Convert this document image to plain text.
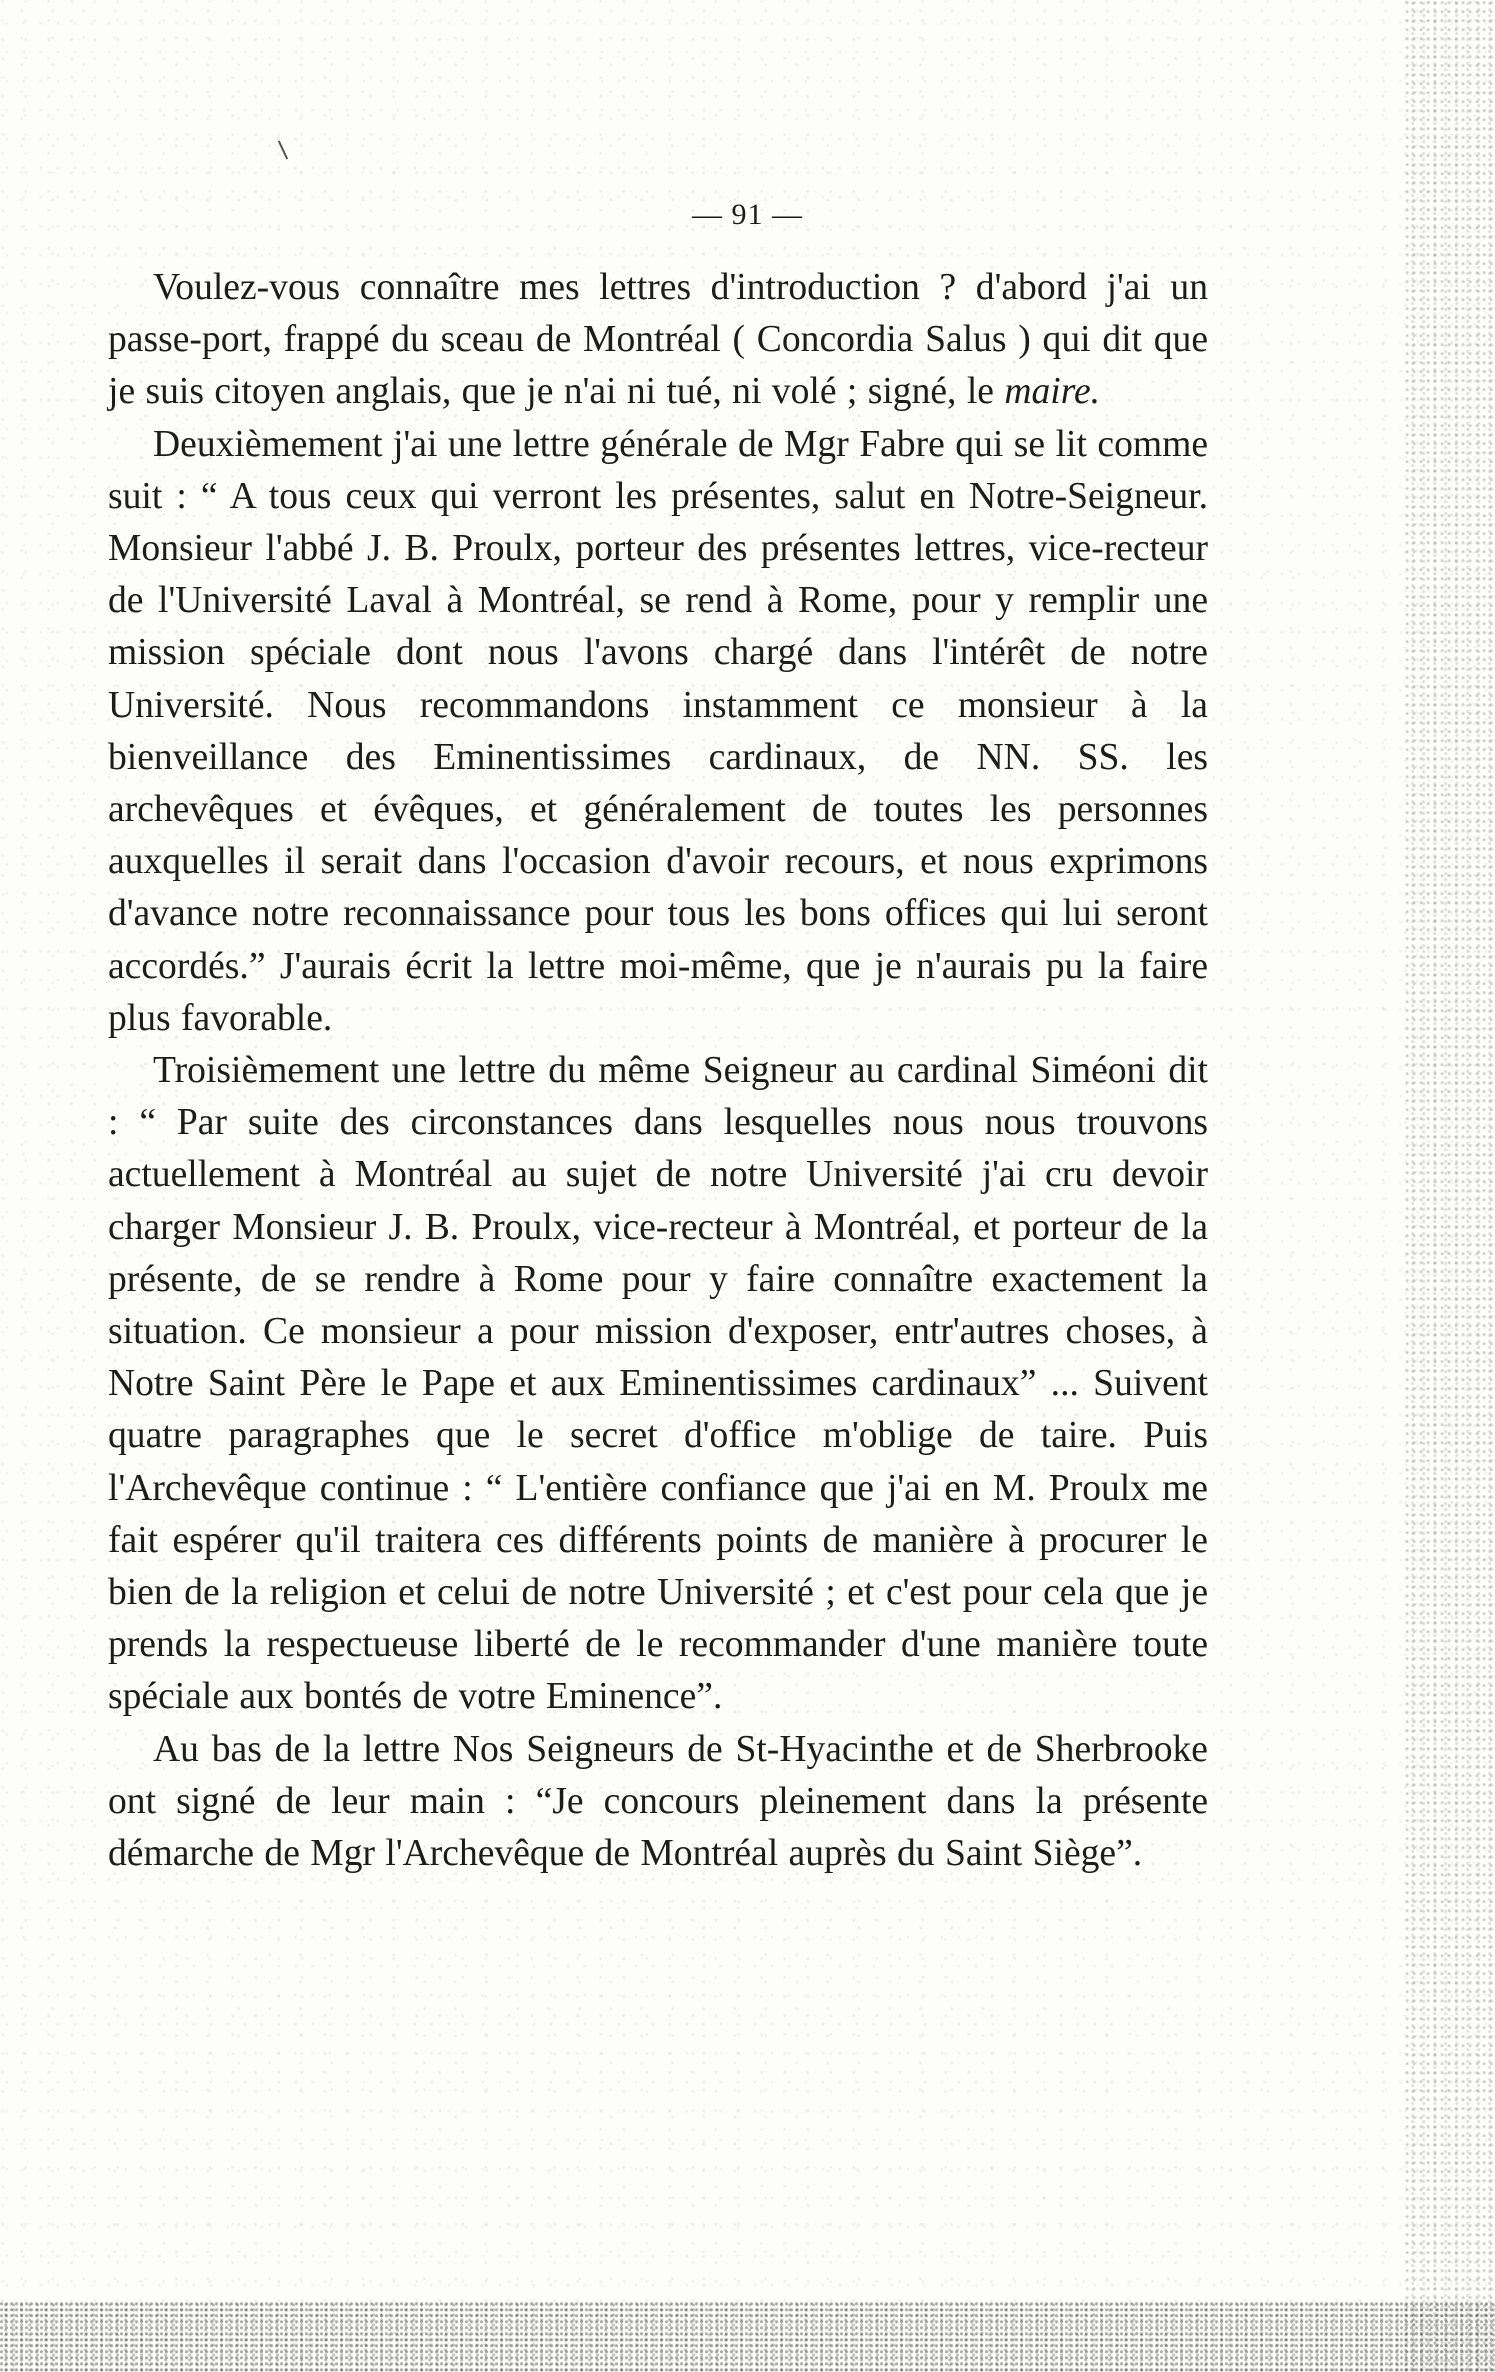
— 91 —

Voulez-vous connaître mes lettres d'introduction ? d'abord j'ai un passe-port, frappé du sceau de Montréal ( Concordia Salus ) qui dit que je suis citoyen anglais, que je n'ai ni tué, ni volé ; signé, le maire.

Deuxièmement j'ai une lettre générale de Mgr Fabre qui se lit comme suit : “ A tous ceux qui verront les présentes, salut en Notre-Seigneur. Monsieur l'abbé J. B. Proulx, porteur des présentes lettres, vice-recteur de l'Université Laval à Montréal, se rend à Rome, pour y remplir une mission spéciale dont nous l'avons chargé dans l'intérêt de notre Université. Nous recommandons instamment ce monsieur à la bienveillance des Eminentissimes cardinaux, de NN. SS. les archevêques et évêques, et généralement de toutes les personnes auxquelles il serait dans l'occasion d'avoir recours, et nous exprimons d'avance notre reconnaissance pour tous les bons offices qui lui seront accordés.” J'aurais écrit la lettre moi-même, que je n'aurais pu la faire plus favorable.

Troisièmement une lettre du même Seigneur au cardinal Siméoni dit : “ Par suite des circonstances dans lesquelles nous nous trouvons actuellement à Montréal au sujet de notre Université j'ai cru devoir charger Monsieur J. B. Proulx, vice-recteur à Montréal, et porteur de la présente, de se rendre à Rome pour y faire connaître exactement la situation. Ce monsieur a pour mission d'exposer, entr'autres choses, à Notre Saint Père le Pape et aux Eminentissimes cardinaux” ... Suivent quatre paragraphes que le secret d'office m'oblige de taire. Puis l'Archevêque continue : “ L'entière confiance que j'ai en M. Proulx me fait espérer qu'il traitera ces différents points de manière à procurer le bien de la religion et celui de notre Université ; et c'est pour cela que je prends la respectueuse liberté de le recommander d'une manière toute spéciale aux bontés de votre Eminence”.

Au bas de la lettre Nos Seigneurs de St-Hyacinthe et de Sherbrooke ont signé de leur main : “Je concours pleinement dans la présente démarche de Mgr l'Archevêque de Montréal auprès du Saint Siège”.
